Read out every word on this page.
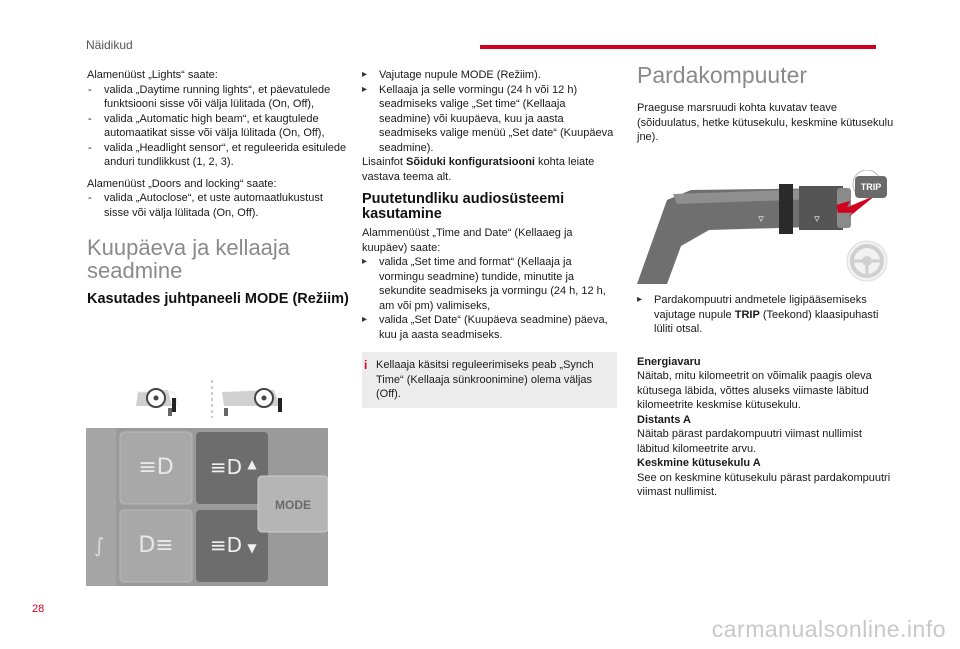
Näidikud

Alamenüüst „Lights“ saate:

- valida „Daytime running lights“, et päevatulede funktsiooni sisse või välja lülitada (On, Off),
- valida „Automatic high beam“, et kaugtulede automaatikat sisse või välja lülitada (On, Off),
- valida „Headlight sensor“, et reguleerida esitulede anduri tundlikkust (1, 2, 3).

Alamenüüst „Doors and locking“ saate:

- valida „Autoclose“, et uste automaatlukustust sisse või välja lülitada (On, Off).
Kuupäeva ja kellaaja seadmine
Kasutades juhtpaneeli MODE (Režiim)
≡D
D≡
≡D ▲
≡D ▼
∫
MODE
▸ Vajutage nupule MODE (Režiim).
▸ Kellaaja ja selle vormingu (24 h või 12 h) seadmiseks valige „Set time“ (Kellaaja seadmine) või kuupäeva, kuu ja aasta seadmiseks valige menüü „Set date“ (Kuupäeva seadmine).

Lisainfot Sõiduki konfiguratsiooni kohta leiate vastava teema alt.

Puutetundliku audiosüsteemi kasutamine

Alammenüüst „Time and Date“ (Kellaaeg ja kuupäev) saate:

▸ valida „Set time and format“ (Kellaaja ja vormingu seadmine) tundide, minutite ja sekundite seadmiseks ja vormingu (24 h, 12 h, am või pm) valimiseks,
▸ valida „Set Date“ (Kuupäeva seadmine) päeva, kuu ja aasta seadmiseks.
i Kellaaja käsitsi reguleerimiseks peab „Synch Time“ (Kellaaja sünkroonimine) olema väljas (Off).

Pardakompuuter

Praeguse marsruudi kohta kuvatav teave (sõiduulatus, hetke kütusekulu, keskmine kütusekulu jne).

▿	▿
TRIP
▸ Pardakompuutri andmetele ligipääsemiseks vajutage nupule TRIP (Teekond) klaasipuhasti lüliti otsal.
Energiavaru

Näitab, mitu kilomeetrit on võimalik paagis oleva kütusega läbida, võttes aluseks viimaste läbitud kilomeetrite keskmise kütusekulu.

Distants A

Näitab pärast pardakompuutri viimast nullimist läbitud kilomeetrite arvu.

Keskmine kütusekulu A

See on keskmine kütusekulu pärast pardakompuutri viimast nullimist.

28
carmanualsonline.info
